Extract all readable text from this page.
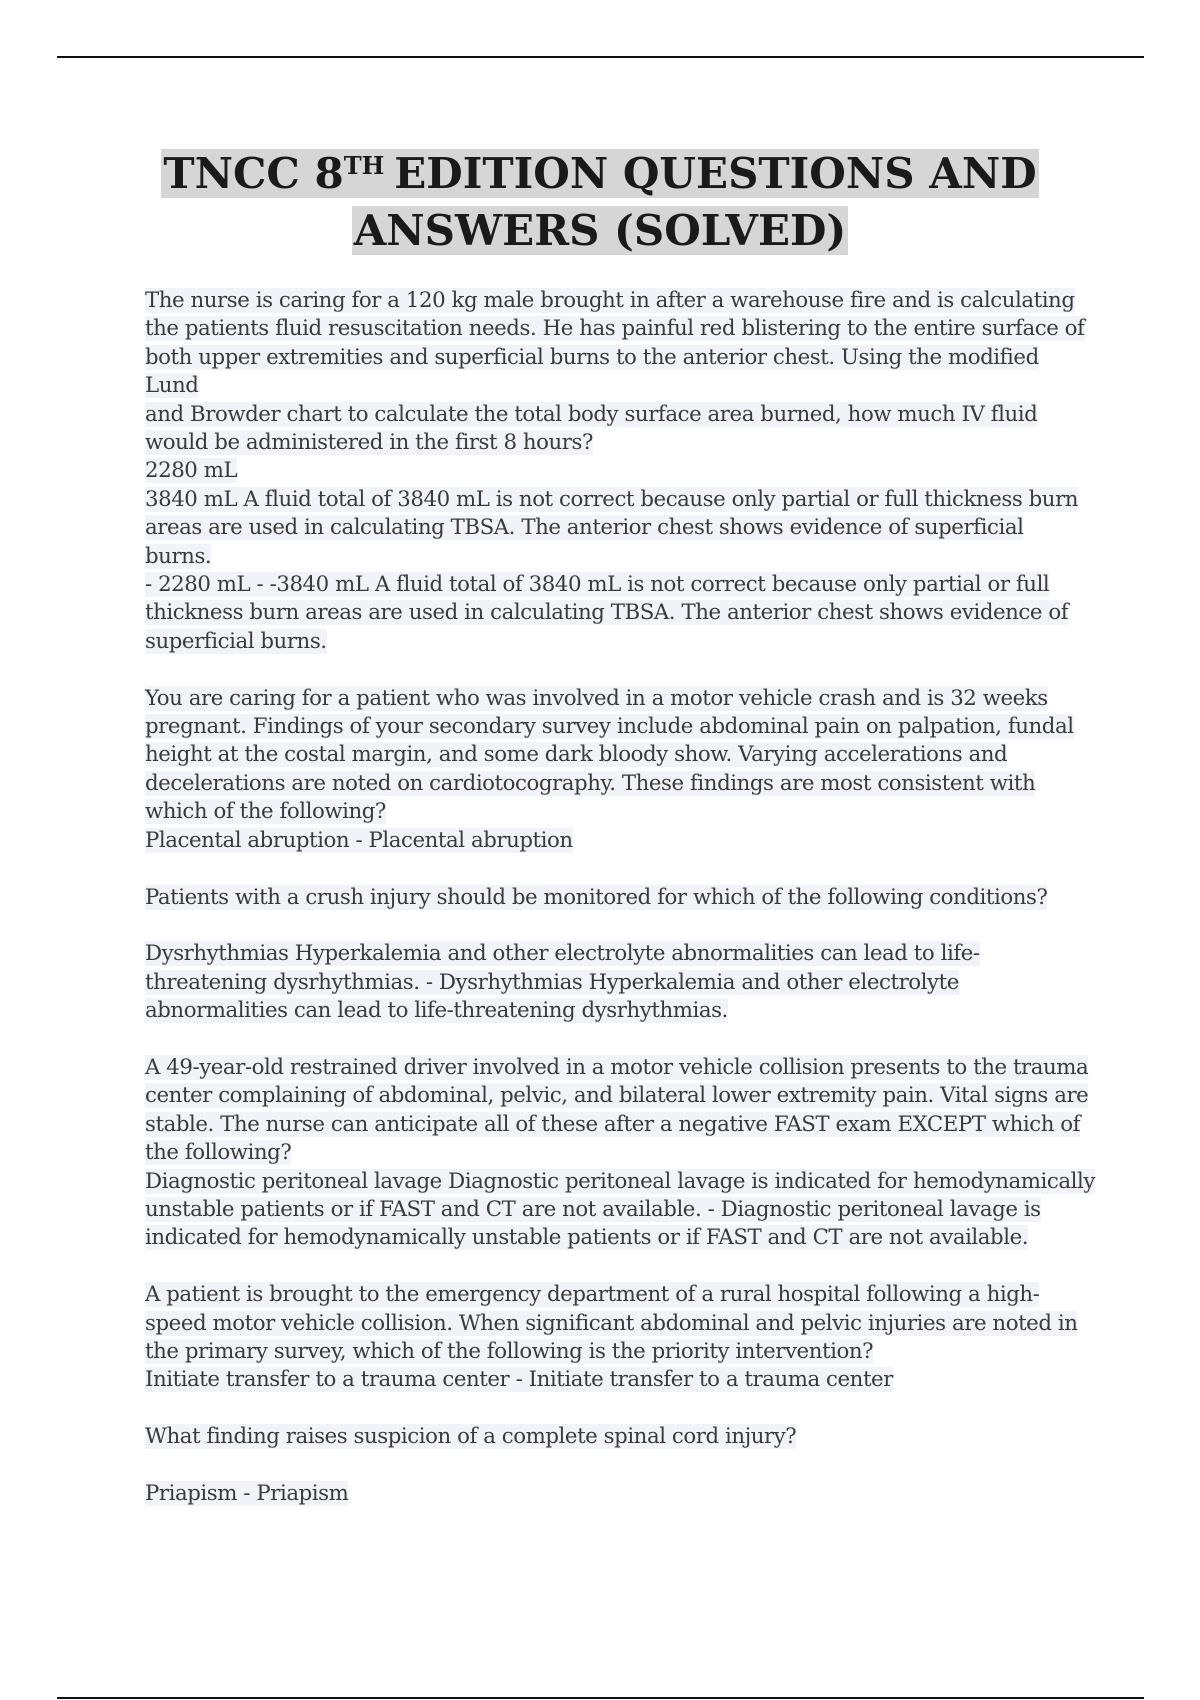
TNCC 8TH EDITION QUESTIONS AND
ANSWERS (SOLVED)
The nurse is caring for a 120 kg male brought in after a warehouse fire and is calculating
the patients fluid resuscitation needs. He has painful red blistering to the entire surface of
both upper extremities and superficial burns to the anterior chest. Using the modified Lund
and Browder chart to calculate the total body surface area burned, how much IV fluid
would be administered in the first 8 hours?
2280 mL
3840 mL A fluid total of 3840 mL is not correct because only partial or full thickness burn
areas are used in calculating TBSA. The anterior chest shows evidence of superficial burns.
- 2280 mL - -3840 mL A fluid total of 3840 mL is not correct because only partial or full
thickness burn areas are used in calculating TBSA. The anterior chest shows evidence of
superficial burns.
You are caring for a patient who was involved in a motor vehicle crash and is 32 weeks
pregnant. Findings of your secondary survey include abdominal pain on palpation, fundal
height at the costal margin, and some dark bloody show. Varying accelerations and
decelerations are noted on cardiotocography. These findings are most consistent with
which of the following?
Placental abruption - Placental abruption
Patients with a crush injury should be monitored for which of the following conditions?
Dysrhythmias Hyperkalemia and other electrolyte abnormalities can lead to life-
threatening dysrhythmias. - Dysrhythmias Hyperkalemia and other electrolyte
abnormalities can lead to life-threatening dysrhythmias.
A 49-year-old restrained driver involved in a motor vehicle collision presents to the trauma
center complaining of abdominal, pelvic, and bilateral lower extremity pain. Vital signs are
stable. The nurse can anticipate all of these after a negative FAST exam EXCEPT which of
the following?
Diagnostic peritoneal lavage Diagnostic peritoneal lavage is indicated for hemodynamically
unstable patients or if FAST and CT are not available. - Diagnostic peritoneal lavage is
indicated for hemodynamically unstable patients or if FAST and CT are not available.
A patient is brought to the emergency department of a rural hospital following a high-
speed motor vehicle collision. When significant abdominal and pelvic injuries are noted in
the primary survey, which of the following is the priority intervention?
Initiate transfer to a trauma center - Initiate transfer to a trauma center
What finding raises suspicion of a complete spinal cord injury?
Priapism - Priapism
